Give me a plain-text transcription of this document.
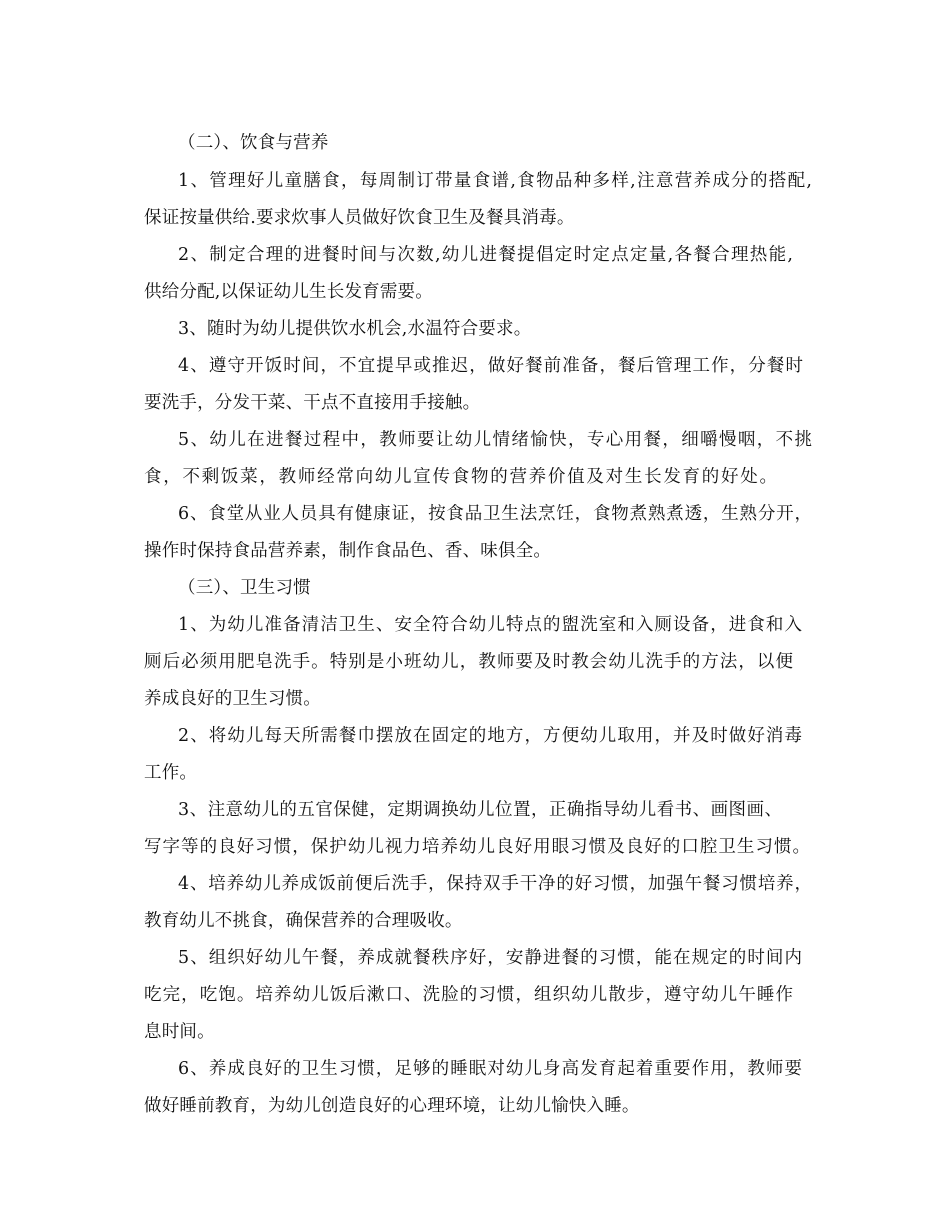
（二）、饮食与营养
1、管理好儿童膳食，每周制订带量食谱,食物品种多样,注意营养成分的搭配,
保证按量供给.要求炊事人员做好饮食卫生及餐具消毒。
2、制定合理的进餐时间与次数,幼儿进餐提倡定时定点定量,各餐合理热能,
供给分配,以保证幼儿生长发育需要。
3、随时为幼儿提供饮水机会,水温符合要求。
4、遵守开饭时间，不宜提早或推迟，做好餐前准备，餐后管理工作，分餐时
要洗手，分发干菜、干点不直接用手接触。
5、幼儿在进餐过程中，教师要让幼儿情绪愉快，专心用餐，细嚼慢咽，不挑
食，不剩饭菜，教师经常向幼儿宣传食物的营养价值及对生长发育的好处。
6、食堂从业人员具有健康证，按食品卫生法烹饪，食物煮熟煮透，生熟分开，
操作时保持食品营养素，制作食品色、香、味俱全。
（三）、卫生习惯
1、为幼儿准备清洁卫生、安全符合幼儿特点的盥洗室和入厕设备，进食和入
厕后必须用肥皂洗手。特别是小班幼儿，教师要及时教会幼儿洗手的方法，以便
养成良好的卫生习惯。
2、将幼儿每天所需餐巾摆放在固定的地方，方便幼儿取用，并及时做好消毒
工作。
3、注意幼儿的五官保健，定期调换幼儿位置，正确指导幼儿看书、画图画、
写字等的良好习惯，保护幼儿视力培养幼儿良好用眼习惯及良好的口腔卫生习惯。
4、培养幼儿养成饭前便后洗手，保持双手干净的好习惯，加强午餐习惯培养，
教育幼儿不挑食，确保营养的合理吸收。
5、组织好幼儿午餐，养成就餐秩序好，安静进餐的习惯，能在规定的时间内
吃完，吃饱。培养幼儿饭后漱口、洗脸的习惯，组织幼儿散步，遵守幼儿午睡作
息时间。
6、养成良好的卫生习惯，足够的睡眠对幼儿身高发育起着重要作用，教师要
做好睡前教育，为幼儿创造良好的心理环境，让幼儿愉快入睡。
